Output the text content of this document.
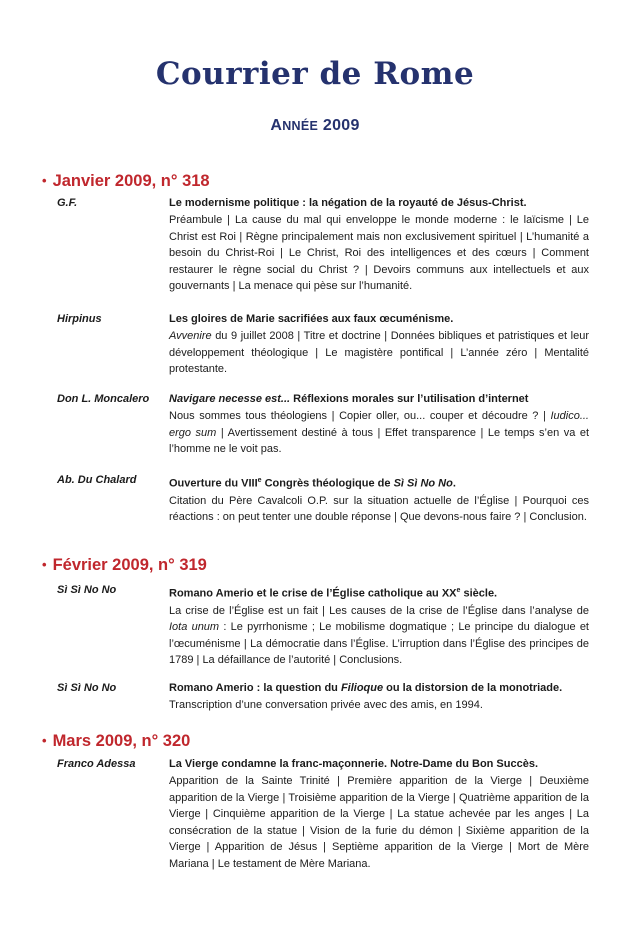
Courrier de Rome
ANNÉE 2009
• Janvier 2009, n° 318
G.F.	Le modernisme politique : la négation de la royauté de Jésus-Christ.
Préambule | La cause du mal qui enveloppe le monde moderne : le laïcisme | Le Christ est Roi | Règne principalement mais non exclusivement spirituel | L’humanité a besoin du Christ-Roi | Le Christ, Roi des intelligences et des cœurs | Comment restaurer le règne social du Christ ? | Devoirs communs aux intellectuels et aux gouvernants | La menace qui pèse sur l’humanité.
Hirpinus	Les gloires de Marie sacrifiées aux faux œcuménisme.
Avvenire du 9 juillet 2008 | Titre et doctrine | Données bibliques et patristiques et leur développement théologique | Le magistère pontifical | L’année zéro | Mentalité protestante.
Don L. Moncalero	Navigare necesse est... Réflexions morales sur l’utilisation d’internet
Nous sommes tous théologiens | Copier oller, ou... couper et découdre ? | Iudico... ergo sum | Avertissement destiné à tous | Effet transparence | Le temps s’en va et l’homme ne le voit pas.
Ab. Du Chalard	Ouverture du VIIIe Congrès théologique de Sì Sì No No.
Citation du Père Cavalcoli O.P. sur la situation actuelle de l’Église | Pourquoi ces réactions : on peut tenter une double réponse | Que devons-nous faire ? | Conclusion.
• Février 2009, n° 319
Sì Sì No No	Romano Amerio et le crise de l’Église catholique au XXe siècle.
La crise de l’Église est un fait | Les causes de la crise de l’Église dans l’analyse de Iota unum : Le pyrrhonisme ; Le mobilisme dogmatique ; Le principe du dialogue et l’œcuménisme | La démocratie dans l’Église. L’irruption dans l’Église des principes de 1789 | La défaillance de l’autorité | Conclusions.
Sì Sì No No	Romano Amerio : la question du Filioque ou la distorsion de la monotriade.
Transcription d’une conversation privée avec des amis, en 1994.
• Mars 2009, n° 320
Franco Adessa	La Vierge condamne la franc-maçonnerie. Notre-Dame du Bon Succès.
Apparition de la Sainte Trinité | Première apparition de la Vierge | Deuxième apparition de la Vierge | Troisième apparition de la Vierge | Quatrième apparition de la Vierge | Cinquième apparition de la Vierge | La statue achevée par les anges | La consécration de la statue | Vision de la furie du démon | Sixième apparition de la Vierge | Apparition de Jésus | Septième apparition de la Vierge | Mort de Mère Mariana | Le testament de Mère Mariana.
